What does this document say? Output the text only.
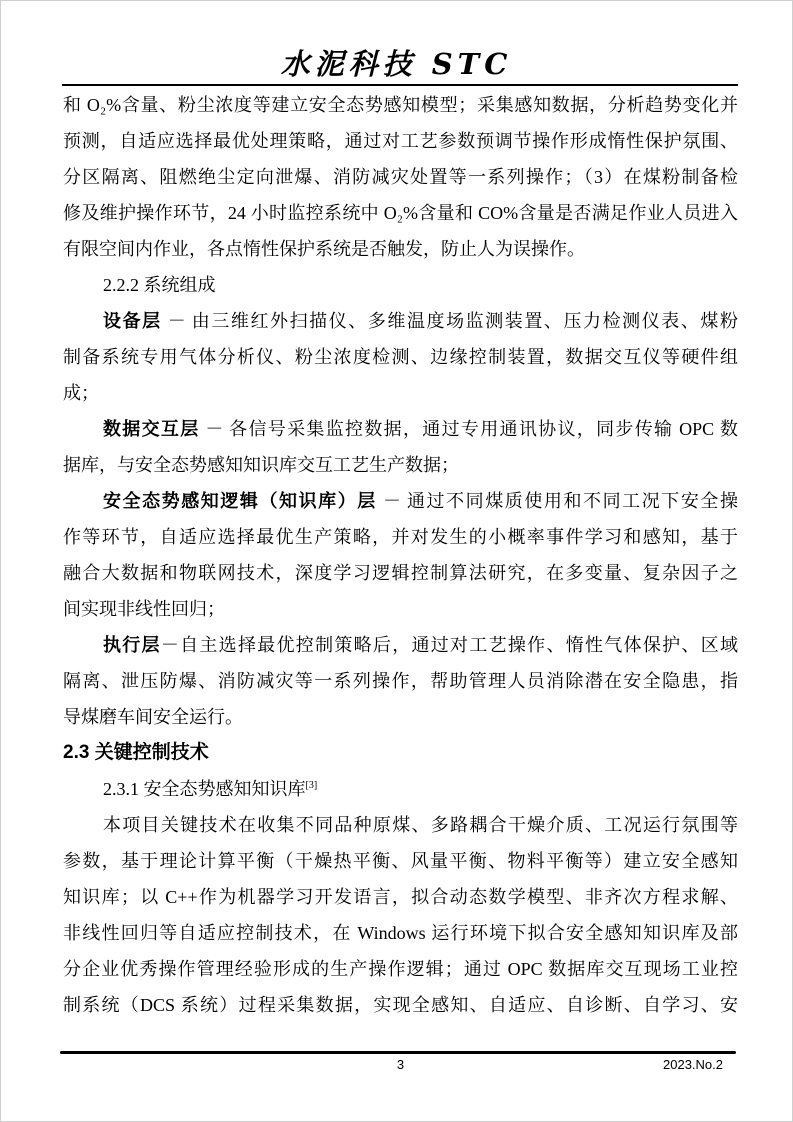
水泥科技 STC
和 O₂%含量、粉尘浓度等建立安全态势感知模型；采集感知数据，分析趋势变化并
预测，自适应选择最优处理策略，通过对工艺参数预调节操作形成惰性保护氛围、
分区隔离、阻燃绝尘定向泄爆、消防减灾处置等一系列操作；（3）在煤粉制备检
修及维护操作环节，24 小时监控系统中 O₂%含量和 CO%含量是否满足作业人员进入
有限空间内作业，各点惰性保护系统是否触发，防止人为误操作。
2.2.2 系统组成
设备层 － 由三维红外扫描仪、多维温度场监测装置、压力检测仪表、煤粉
制备系统专用气体分析仪、粉尘浓度检测、边缘控制装置，数据交互仪等硬件组
成；
数据交互层 － 各信号采集监控数据，通过专用通讯协议，同步传输 OPC 数
据库，与安全态势感知知识库交互工艺生产数据；
安全态势感知逻辑（知识库）层 － 通过不同煤质使用和不同工况下安全操
作等环节，自适应选择最优生产策略，并对发生的小概率事件学习和感知，基于
融合大数据和物联网技术，深度学习逻辑控制算法研究，在多变量、复杂因子之
间实现非线性回归；
执行层－自主选择最优控制策略后，通过对工艺操作、惰性气体保护、区域
隔离、泄压防爆、消防减灾等一系列操作，帮助管理人员消除潜在安全隐患，指
导煤磨车间安全运行。
2.3 关键控制技术
2.3.1 安全态势感知知识库[3]
本项目关键技术在收集不同品种原煤、多路耦合干燥介质、工况运行氛围等
参数，基于理论计算平衡（干燥热平衡、风量平衡、物料平衡等）建立安全感知
知识库；以 C++作为机器学习开发语言，拟合动态数学模型、非齐次方程求解、
非线性回归等自适应控制技术，在 Windows 运行环境下拟合安全感知知识库及部
分企业优秀操作管理经验形成的生产操作逻辑；通过 OPC 数据库交互现场工业控
制系统（DCS 系统）过程采集数据，实现全感知、自适应、自诊断、自学习、安
3	2023.No.2
